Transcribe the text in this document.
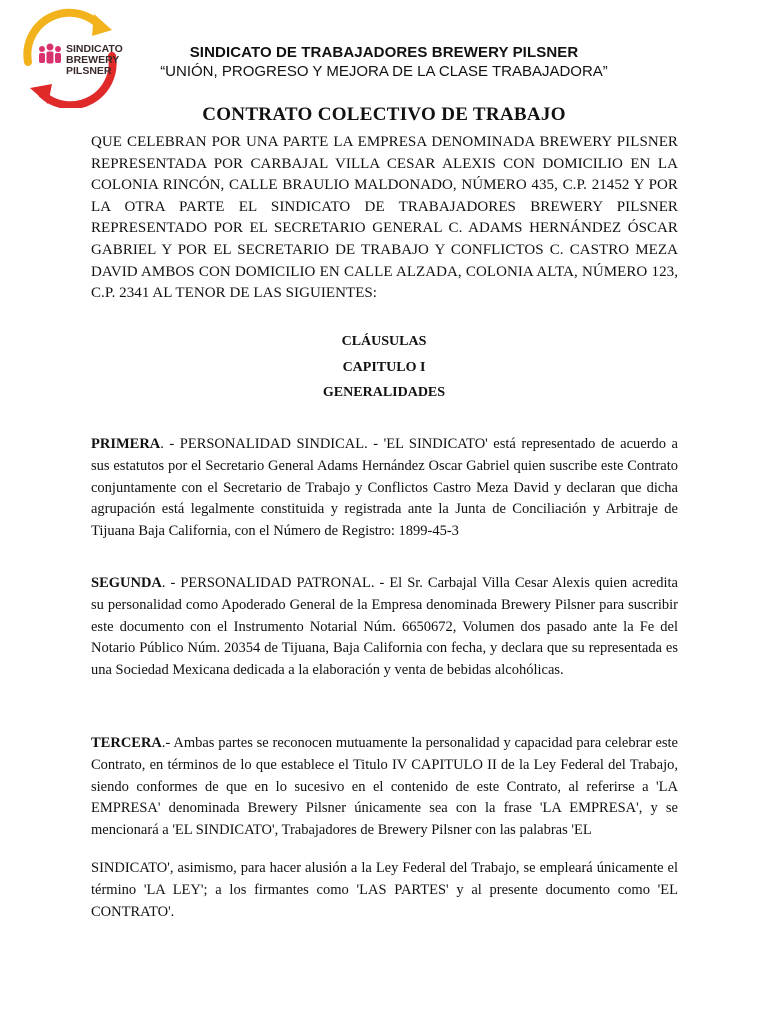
SINDICATO
BREWERY
PILSNER
SINDICATO DE TRABAJADORES BREWERY PILSNER
“UNIÓN, PROGRESO Y MEJORA DE LA CLASE TRABAJADORA”
CONTRATO COLECTIVO DE TRABAJO
QUE CELEBRAN POR UNA PARTE LA EMPRESA DENOMINADA BREWERY PILSNER REPRESENTADA POR CARBAJAL VILLA CESAR ALEXIS CON DOMICILIO EN LA COLONIA RINCÓN, CALLE BRAULIO MALDONADO, NÚMERO 435, C.P. 21452 Y POR LA OTRA PARTE EL SINDICATO DE TRABAJADORES BREWERY PILSNER REPRESENTADO POR EL SECRETARIO GENERAL C. ADAMS HERNÁNDEZ ÓSCAR GABRIEL Y POR EL SECRETARIO DE TRABAJO Y CONFLICTOS C. CASTRO MEZA DAVID AMBOS CON DOMICILIO EN CALLE ALZADA, COLONIA ALTA, NÚMERO 123, C.P. 2341 AL TENOR DE LAS SIGUIENTES:
CLÁUSULAS
CAPITULO I
GENERALIDADES
PRIMERA. - PERSONALIDAD SINDICAL. - 'EL SINDICATO' está representado de acuerdo a sus estatutos por el Secretario General Adams Hernández Oscar Gabriel quien suscribe este Contrato conjuntamente con el Secretario de Trabajo y Conflictos Castro Meza David y declaran que dicha agrupación está legalmente constituida y registrada ante la Junta de Conciliación y Arbitraje de Tijuana Baja California, con el Número de Registro: 1899-45-3
SEGUNDA. - PERSONALIDAD PATRONAL. - El Sr. Carbajal Villa Cesar Alexis quien acredita su personalidad como Apoderado General de la Empresa denominada Brewery Pilsner para suscribir este documento con el Instrumento Notarial Núm. 6650672, Volumen dos pasado ante la Fe del Notario Público Núm. 20354 de Tijuana, Baja California con fecha, y declara que su representada es una Sociedad Mexicana dedicada a la elaboración y venta de bebidas alcohólicas.
TERCERA.- Ambas partes se reconocen mutuamente la personalidad y capacidad para celebrar este Contrato, en términos de lo que establece el Titulo IV CAPITULO II de la Ley Federal del Trabajo, siendo conformes de que en lo sucesivo en el contenido de este Contrato, al referirse a 'LA EMPRESA' denominada Brewery Pilsner únicamente sea con la frase 'LA EMPRESA', y se mencionará a 'EL SINDICATO', Trabajadores de Brewery Pilsner con las palabras 'EL
SINDICATO', asimismo, para hacer alusión a la Ley Federal del Trabajo, se empleará únicamente el término 'LA LEY'; a los firmantes como 'LAS PARTES' y al presente documento como 'EL CONTRATO'.
